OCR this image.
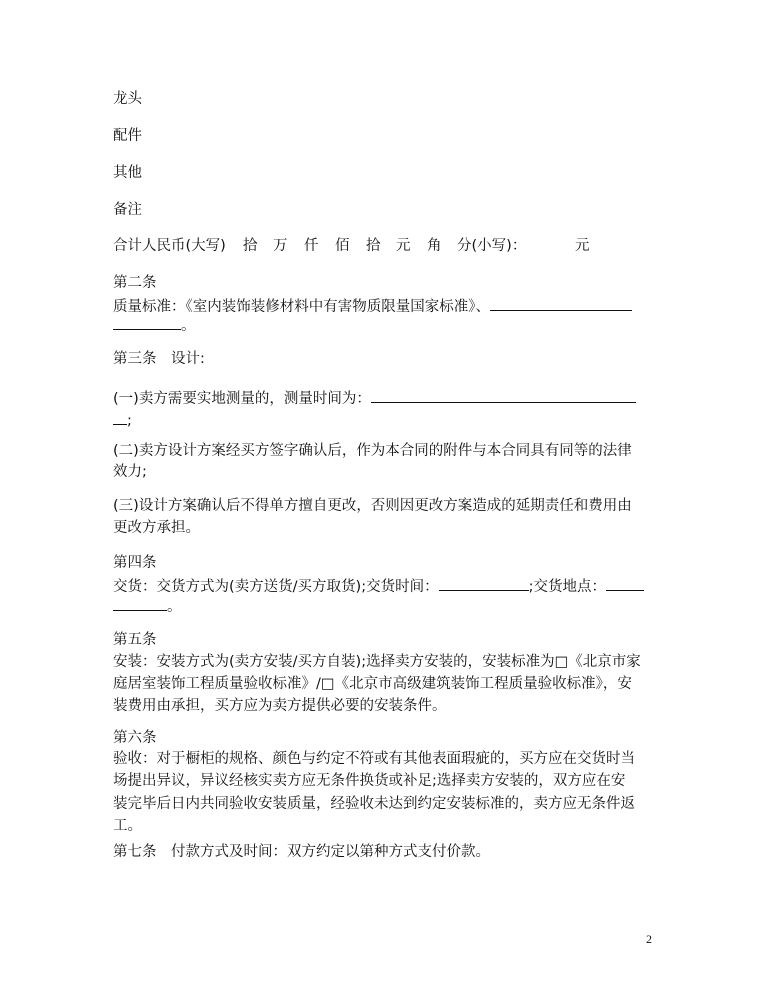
龙头
配件
其他
备注
合计人民币(大写) 拾 万 仟 佰 拾 元 角 分(小写)：	元
第二条
质量标准：《室内装饰装修材料中有害物质限量国家标准》、
。
第三条　设计:
(一)卖方需要实地测量的，测量时间为：
;
(二)卖方设计方案经买方签字确认后，作为本合同的附件与本合同具有同等的法律
效力;
(三)设计方案确认后不得单方擅自更改，否则因更改方案造成的延期责任和费用由
更改方承担。
第四条
交货：交货方式为(卖方送货/买方取货);交货时间：	;交货地点：
。
第五条
安装：安装方式为(卖方安装/买方自装);选择卖方安装的，安装标准为□《北京市家
庭居室装饰工程质量验收标准》/□《北京市高级建筑装饰工程质量验收标准》，安
装费用由承担，买方应为卖方提供必要的安装条件。
第六条
验收：对于橱柜的规格、颜色与约定不符或有其他表面瑕疵的，买方应在交货时当
场提出异议，异议经核实卖方应无条件换货或补足;选择卖方安装的，双方应在安
装完毕后日内共同验收安装质量，经验收未达到约定安装标准的，卖方应无条件返
工。
第七条　付款方式及时间：双方约定以第种方式支付价款。
2
